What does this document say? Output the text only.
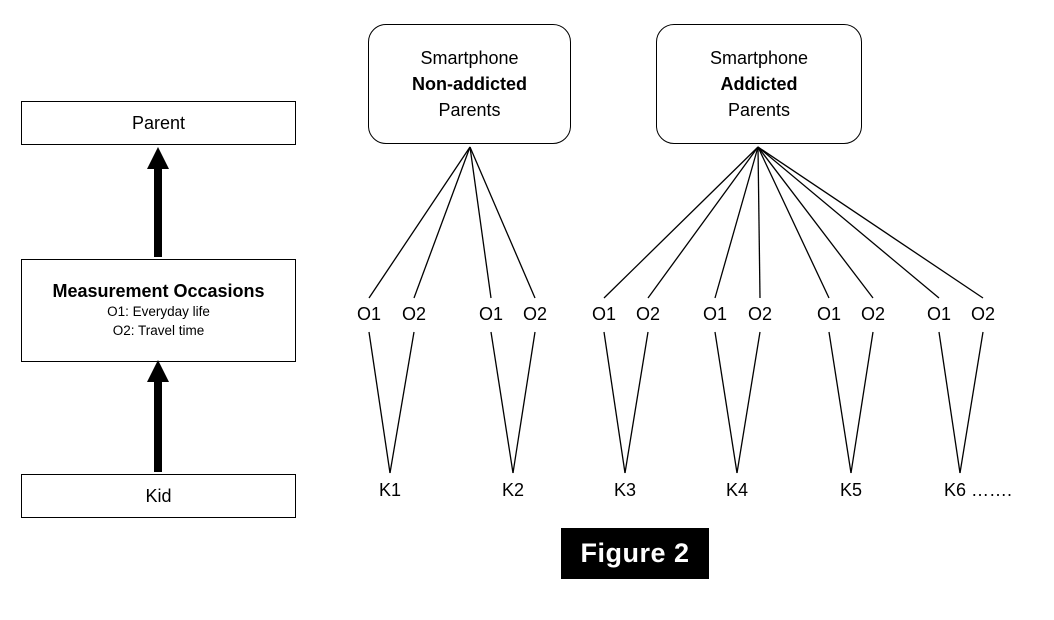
Parent
Measurement Occasions
O1: Everyday life
O2: Travel time
Kid
Smartphone
Non-addicted
Parents
Smartphone
Addicted
Parents
O1 O2	O1 O2 O1 O2 O1 O2 O1 O2 O1 O2
K1	K2	K3	K4	K5	K6 …….
Figure 2
